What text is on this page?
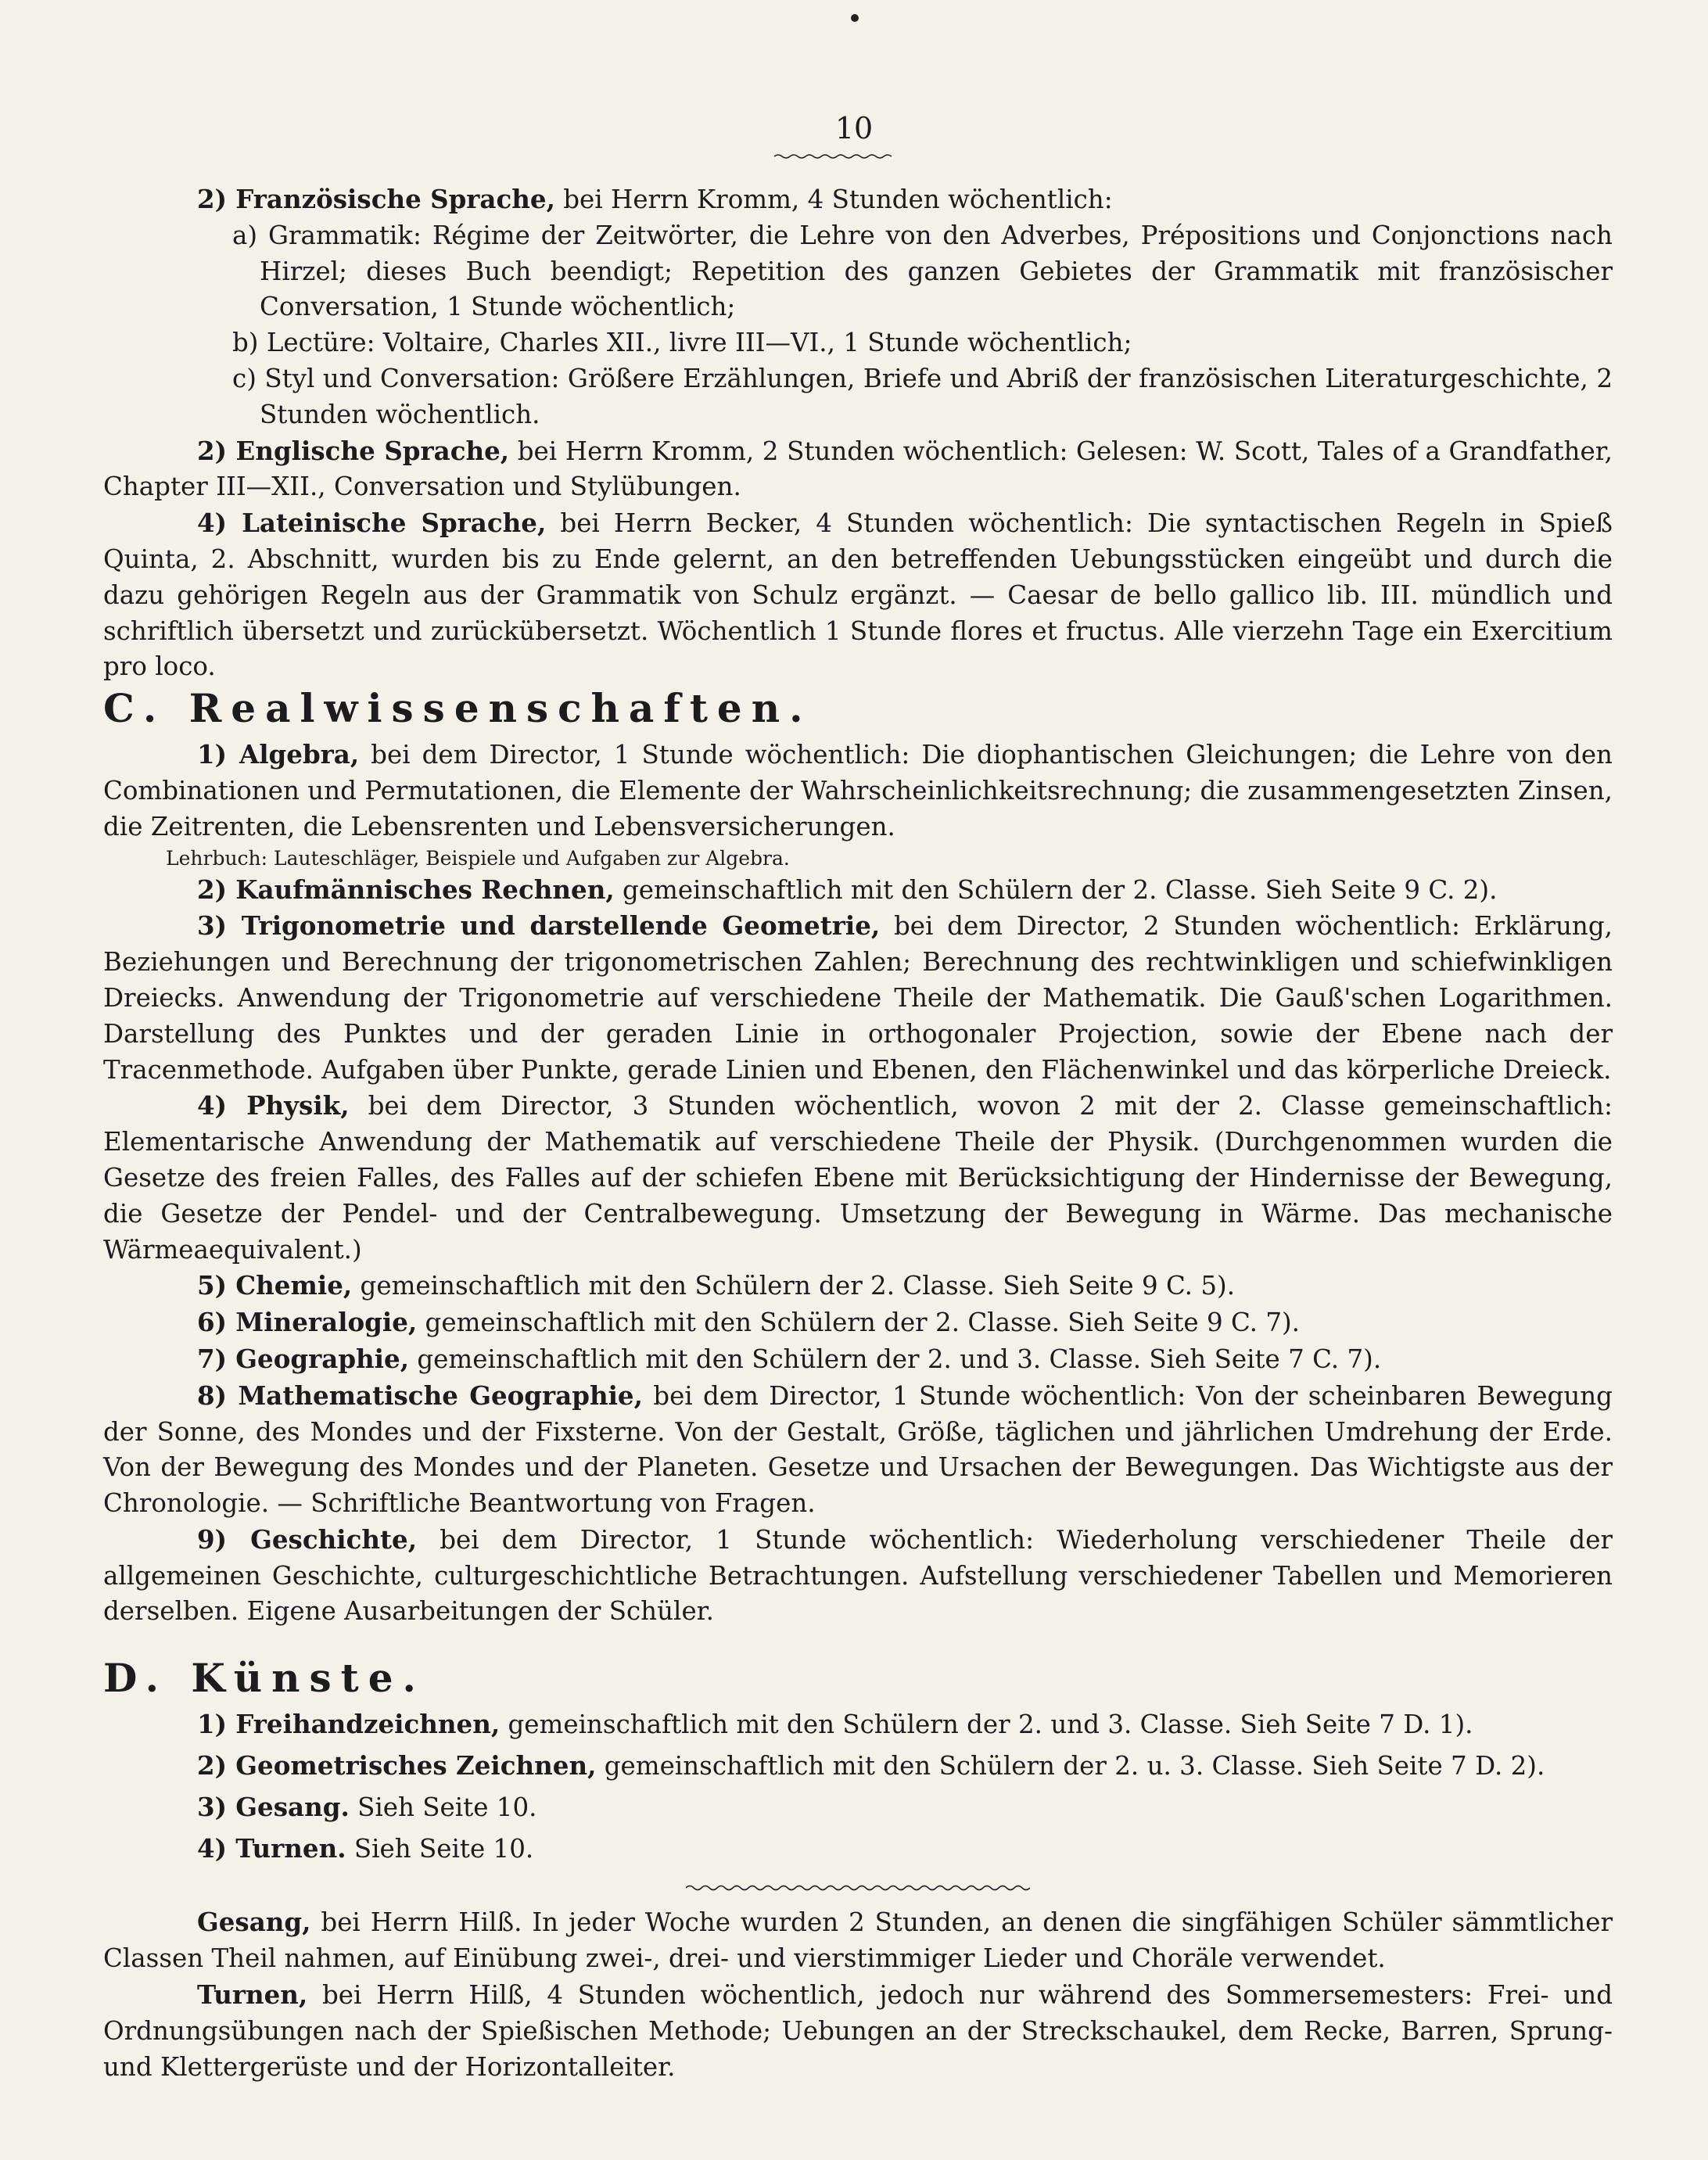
10

2) Französische Sprache, bei Herrn Kromm, 4 Stunden wöchentlich:

a) Grammatik: Régime der Zeitwörter, die Lehre von den Adverbes, Prépositions und Conjonctions nach Hirzel; dieses Buch beendigt; Repetition des ganzen Gebietes der Grammatik mit französischer Conversation, 1 Stunde wöchentlich;

b) Lectüre: Voltaire, Charles XII., livre III—VI., 1 Stunde wöchentlich;

c) Styl und Conversation: Größere Erzählungen, Briefe und Abriß der französischen Literaturgeschichte, 2 Stunden wöchentlich.

2) Englische Sprache, bei Herrn Kromm, 2 Stunden wöchentlich: Gelesen: W. Scott, Tales of a Grandfather, Chapter III—XII., Conversation und Stylübungen.

4) Lateinische Sprache, bei Herrn Becker, 4 Stunden wöchentlich: Die syntactischen Regeln in Spieß Quinta, 2. Abschnitt, wurden bis zu Ende gelernt, an den betreffenden Uebungsstücken eingeübt und durch die dazu gehörigen Regeln aus der Grammatik von Schulz ergänzt. — Caesar de bello gallico lib. III. mündlich und schriftlich übersetzt und zurückübersetzt. Wöchentlich 1 Stunde flores et fructus. Alle vierzehn Tage ein Exercitium pro loco.

C. Realwissenschaften.

1) Algebra, bei dem Director, 1 Stunde wöchentlich: Die diophantischen Gleichungen; die Lehre von den Combinationen und Permutationen, die Elemente der Wahrscheinlichkeitsrechnung; die zusammengesetzten Zinsen, die Zeitrenten, die Lebensrenten und Lebensversicherungen.

Lehrbuch: Lauteschläger, Beispiele und Aufgaben zur Algebra.

2) Kaufmännisches Rechnen, gemeinschaftlich mit den Schülern der 2. Classe. Sieh Seite 9 C. 2).

3) Trigonometrie und darstellende Geometrie, bei dem Director, 2 Stunden wöchentlich: Erklärung, Beziehungen und Berechnung der trigonometrischen Zahlen; Berechnung des rechtwinkligen und schiefwinkligen Dreiecks. Anwendung der Trigonometrie auf verschiedene Theile der Mathematik. Die Gauß'schen Logarithmen. Darstellung des Punktes und der geraden Linie in orthogonaler Projection, sowie der Ebene nach der Tracenmethode. Aufgaben über Punkte, gerade Linien und Ebenen, den Flächenwinkel und das körperliche Dreieck.

4) Physik, bei dem Director, 3 Stunden wöchentlich, wovon 2 mit der 2. Classe gemeinschaftlich: Elementarische Anwendung der Mathematik auf verschiedene Theile der Physik. (Durchgenommen wurden die Gesetze des freien Falles, des Falles auf der schiefen Ebene mit Berücksichtigung der Hindernisse der Bewegung, die Gesetze der Pendel- und der Centralbewegung. Umsetzung der Bewegung in Wärme. Das mechanische Wärmeaequivalent.)

5) Chemie, gemeinschaftlich mit den Schülern der 2. Classe. Sieh Seite 9 C. 5).

6) Mineralogie, gemeinschaftlich mit den Schülern der 2. Classe. Sieh Seite 9 C. 7).

7) Geographie, gemeinschaftlich mit den Schülern der 2. und 3. Classe. Sieh Seite 7 C. 7).

8) Mathematische Geographie, bei dem Director, 1 Stunde wöchentlich: Von der scheinbaren Bewegung der Sonne, des Mondes und der Fixsterne. Von der Gestalt, Größe, täglichen und jährlichen Umdrehung der Erde. Von der Bewegung des Mondes und der Planeten. Gesetze und Ursachen der Bewegungen. Das Wichtigste aus der Chronologie. — Schriftliche Beantwortung von Fragen.

9) Geschichte, bei dem Director, 1 Stunde wöchentlich: Wiederholung verschiedener Theile der allgemeinen Geschichte, culturgeschichtliche Betrachtungen. Aufstellung verschiedener Tabellen und Memorieren derselben. Eigene Ausarbeitungen der Schüler.

D. Künste.

1) Freihandzeichnen, gemeinschaftlich mit den Schülern der 2. und 3. Classe. Sieh Seite 7 D. 1).

2) Geometrisches Zeichnen, gemeinschaftlich mit den Schülern der 2. u. 3. Classe. Sieh Seite 7 D. 2).

3) Gesang. Sieh Seite 10.

4) Turnen. Sieh Seite 10.

Gesang, bei Herrn Hilß. In jeder Woche wurden 2 Stunden, an denen die singfähigen Schüler sämmtlicher Classen Theil nahmen, auf Einübung zwei-, drei- und vierstimmiger Lieder und Choräle verwendet.

Turnen, bei Herrn Hilß, 4 Stunden wöchentlich, jedoch nur während des Sommersemesters: Frei- und Ordnungsübungen nach der Spießischen Methode; Uebungen an der Streckschaukel, dem Recke, Barren, Sprung- und Klettergerüste und der Horizontalleiter.
